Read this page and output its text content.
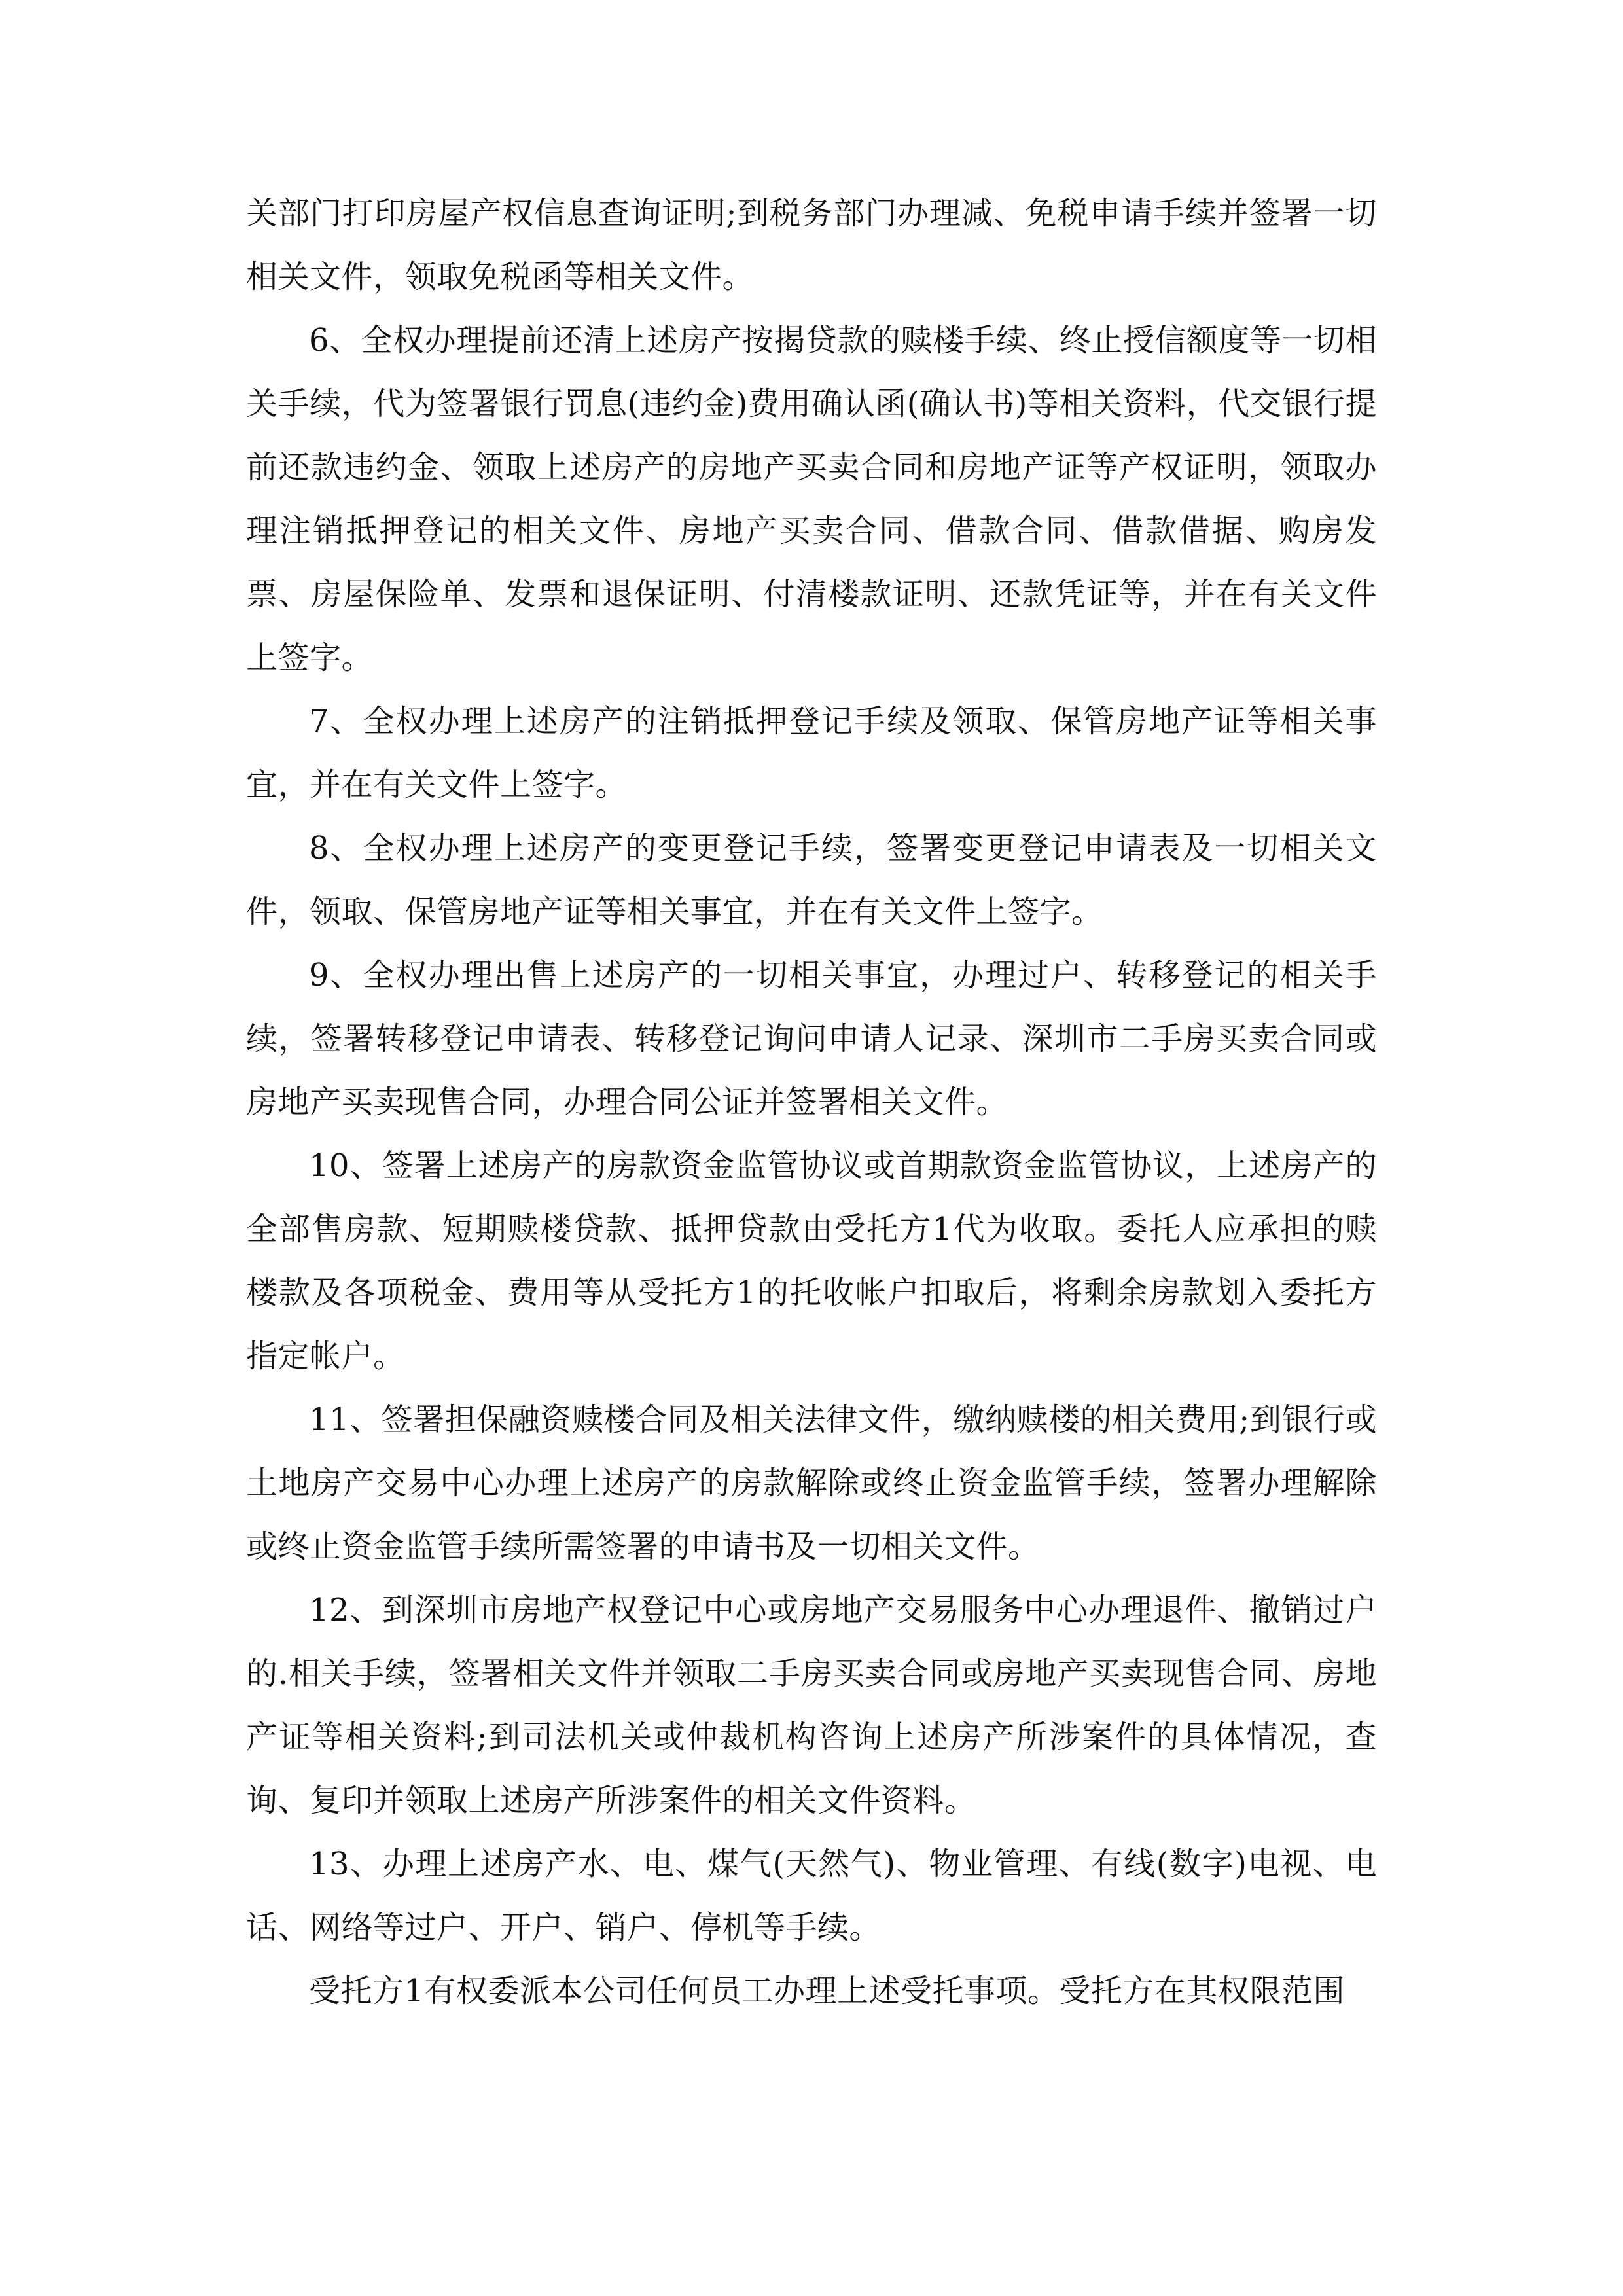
关部门打印房屋产权信息查询证明;到税务部门办理减、免税申请手续并签署一切相关文件，领取免税函等相关文件。

6、全权办理提前还清上述房产按揭贷款的赎楼手续、终止授信额度等一切相关手续，代为签署银行罚息(违约金)费用确认函(确认书)等相关资料，代交银行提前还款违约金、领取上述房产的房地产买卖合同和房地产证等产权证明，领取办理注销抵押登记的相关文件、房地产买卖合同、借款合同、借款借据、购房发票、房屋保险单、发票和退保证明、付清楼款证明、还款凭证等，并在有关文件上签字。

7、全权办理上述房产的注销抵押登记手续及领取、保管房地产证等相关事宜，并在有关文件上签字。

8、全权办理上述房产的变更登记手续，签署变更登记申请表及一切相关文件，领取、保管房地产证等相关事宜，并在有关文件上签字。

9、全权办理出售上述房产的一切相关事宜，办理过户、转移登记的相关手续，签署转移登记申请表、转移登记询问申请人记录、深圳市二手房买卖合同或房地产买卖现售合同，办理合同公证并签署相关文件。

10、签署上述房产的房款资金监管协议或首期款资金监管协议，上述房产的全部售房款、短期赎楼贷款、抵押贷款由受托方1代为收取。委托人应承担的赎楼款及各项税金、费用等从受托方1的托收帐户扣取后，将剩余房款划入委托方指定帐户。

11、签署担保融资赎楼合同及相关法律文件，缴纳赎楼的相关费用;到银行或土地房产交易中心办理上述房产的房款解除或终止资金监管手续，签署办理解除或终止资金监管手续所需签署的申请书及一切相关文件。

12、到深圳市房地产权登记中心或房地产交易服务中心办理退件、撤销过户的.相关手续，签署相关文件并领取二手房买卖合同或房地产买卖现售合同、房地产证等相关资料;到司法机关或仲裁机构咨询上述房产所涉案件的具体情况，查询、复印并领取上述房产所涉案件的相关文件资料。

13、办理上述房产水、电、煤气(天然气)、物业管理、有线(数字)电视、电话、网络等过户、开户、销户、停机等手续。

受托方1有权委派本公司任何员工办理上述受托事项。受托方在其权限范围
